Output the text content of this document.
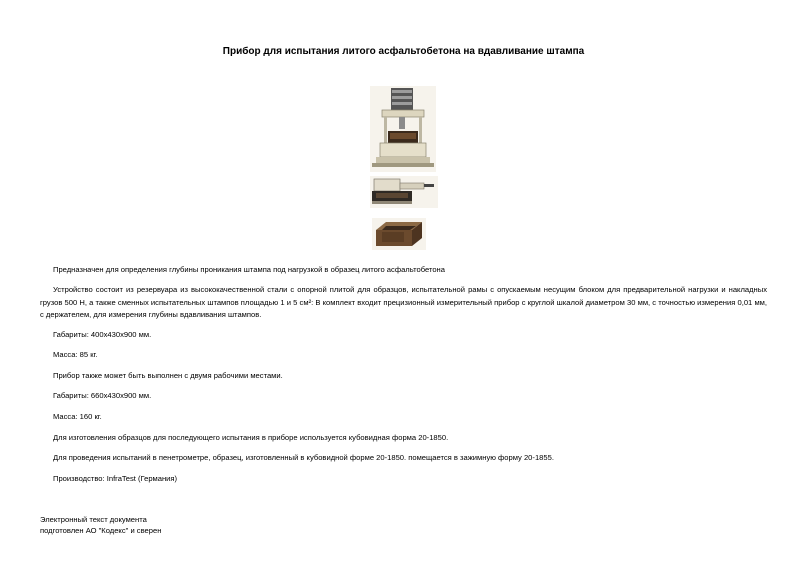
Прибор для испытания литого асфальтобетона на вдавливание штампа
Предназначен для определения глубины проникания штампа под нагрузкой в образец литого асфальтобетона
Устройство состоит из резервуара из высококачественной стали с опорной плитой для образцов, испытательной рамы с опускаемым несущим блоком для предварительной нагрузки и накладных грузов 500 Н, а также сменных испытательных штампов площадью 1 и 5 см²: В комплект входит прецизионный измерительный прибор с круглой шкалой диаметром 30 мм, с точностью измерения 0,01 мм, с держателем, для измерения глубины вдавливания штампов.
Габариты: 400x430x900 мм.
Масса: 85 кг.
Прибор также может быть выполнен с двумя рабочими местами.
Габариты: 660x430x900 мм.
Масса: 160 кг.
Для изготовления образцов для последующего испытания в приборе используется кубовидная форма 20-1850.
Для проведения испытаний в пенетрометре, образец, изготовленный в кубовидной форме 20-1850. помещается в зажимную форму 20-1855.
Производство: InfraTest (Германия)
Электронный текст документа
подготовлен АО "Кодекс" и сверен
